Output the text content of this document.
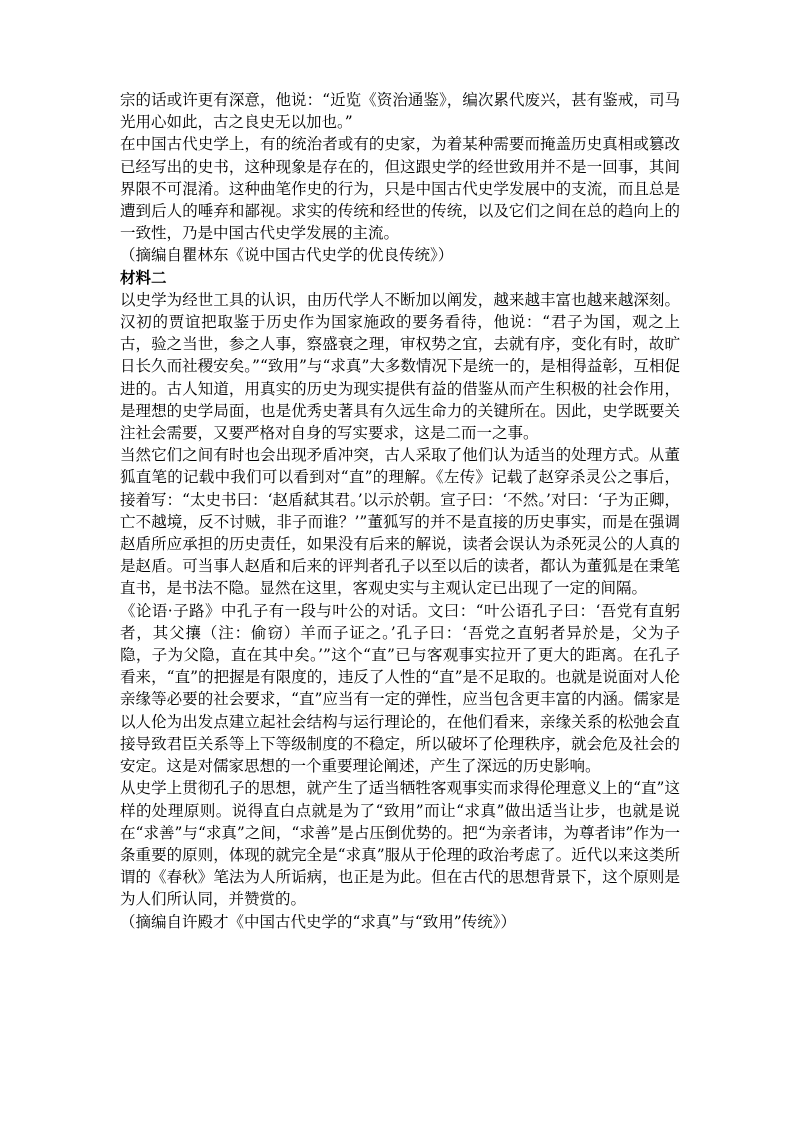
宗的话或许更有深意，他说：“近览《资治通鉴》，编次累代废兴，甚有鉴戒，司马光用心如此，古之良史无以加也。”

在中国古代史学上，有的统治者或有的史家，为着某种需要而掩盖历史真相或篡改已经写出的史书，这种现象是存在的，但这跟史学的经世致用并不是一回事，其间界限不可混淆。这种曲笔作史的行为，只是中国古代史学发展中的支流，而且总是遭到后人的唾弃和鄙视。求实的传统和经世的传统，以及它们之间在总的趋向上的一致性，乃是中国古代史学发展的主流。

（摘编自瞿林东《说中国古代史学的优良传统》）

材料二

以史学为经世工具的认识，由历代学人不断加以阐发，越来越丰富也越来越深刻。汉初的贾谊把取鉴于历史作为国家施政的要务看待，他说：“君子为国，观之上古，验之当世，参之人事，察盛衰之理，审权势之宜，去就有序，变化有时，故旷日长久而社稷安矣。”“致用”与“求真”大多数情况下是统一的，是相得益彰，互相促进的。古人知道，用真实的历史为现实提供有益的借鉴从而产生积极的社会作用，是理想的史学局面，也是优秀史著具有久远生命力的关键所在。因此，史学既要关注社会需要，又要严格对自身的写实要求，这是二而一之事。

当然它们之间有时也会出现矛盾冲突，古人采取了他们认为适当的处理方式。从董狐直笔的记载中我们可以看到对“直”的理解。《左传》记载了赵穿杀灵公之事后，接着写：“太史书曰：‘赵盾弑其君。’以示於朝。宣子曰：‘不然。’对曰：‘子为正卿，亡不越境，反不讨贼，非子而谁？’”董狐写的并不是直接的历史事实，而是在强调赵盾所应承担的历史责任，如果没有后来的解说，读者会误认为杀死灵公的人真的是赵盾。可当事人赵盾和后来的评判者孔子以至以后的读者，都认为董狐是在秉笔直书，是书法不隐。显然在这里，客观史实与主观认定已出现了一定的间隔。

《论语·子路》中孔子有一段与叶公的对话。文曰：“叶公语孔子曰：‘吾党有直躬者，其父攘（注：偷窃）羊而子证之。’孔子曰：‘吾党之直躬者异於是，父为子隐，子为父隐，直在其中矣。’”这个“直”已与客观事实拉开了更大的距离。在孔子看来，“直”的把握是有限度的，违反了人性的“直”是不足取的。也就是说面对人伦亲缘等必要的社会要求，“直”应当有一定的弹性，应当包含更丰富的内涵。儒家是以人伦为出发点建立起社会结构与运行理论的，在他们看来，亲缘关系的松弛会直接导致君臣关系等上下等级制度的不稳定，所以破坏了伦理秩序，就会危及社会的安定。这是对儒家思想的一个重要理论阐述，产生了深远的历史影响。

从史学上贯彻孔子的思想，就产生了适当牺牲客观事实而求得伦理意义上的“直”这样的处理原则。说得直白点就是为了“致用”而让“求真”做出适当让步，也就是说在“求善”与“求真”之间，“求善”是占压倒优势的。把“为亲者讳，为尊者讳”作为一条重要的原则，体现的就完全是“求真”服从于伦理的政治考虑了。近代以来这类所谓的《春秋》笔法为人所诟病，也正是为此。但在古代的思想背景下，这个原则是为人们所认同，并赞赏的。

（摘编自许殿才《中国古代史学的“求真”与“致用”传统》）
